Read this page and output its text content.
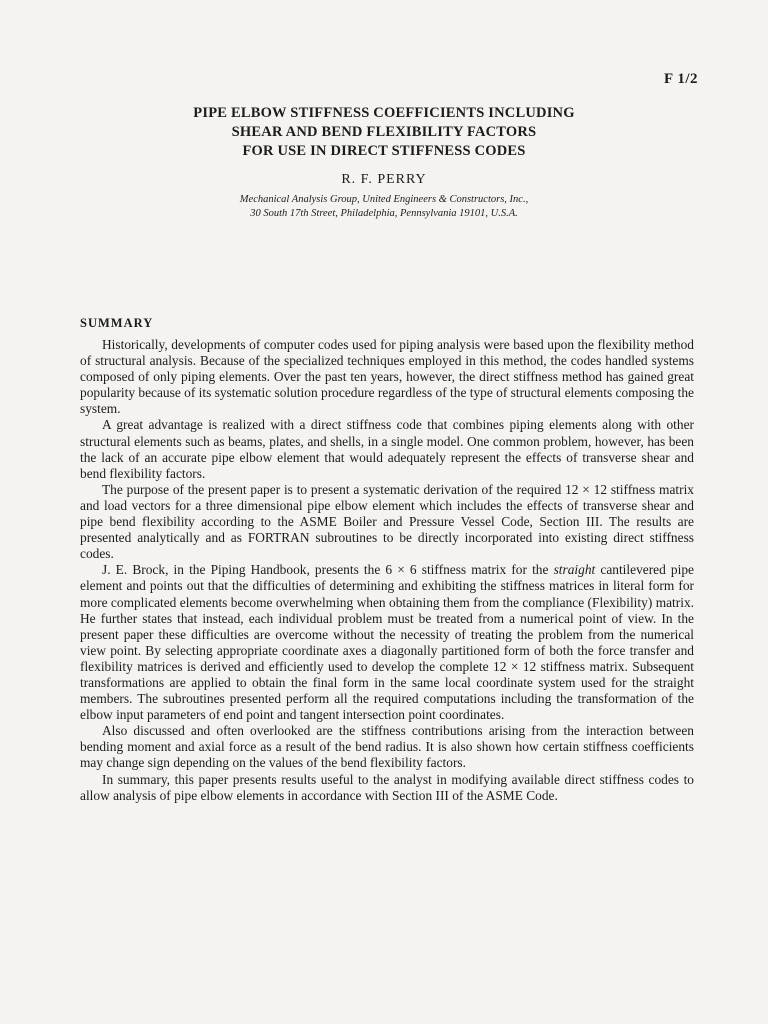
F 1/2
PIPE ELBOW STIFFNESS COEFFICIENTS INCLUDING
SHEAR AND BEND FLEXIBILITY FACTORS
FOR USE IN DIRECT STIFFNESS CODES
R. F. PERRY
Mechanical Analysis Group, United Engineers & Constructors, Inc.,
30 South 17th Street, Philadelphia, Pennsylvania 19101, U.S.A.
SUMMARY

Historically, developments of computer codes used for piping analysis were based upon the flexibility method of structural analysis. Because of the specialized techniques employed in this method, the codes handled systems composed of only piping elements. Over the past ten years, however, the direct stiffness method has gained great popularity because of its systematic solution procedure regardless of the type of structural elements composing the system.

A great advantage is realized with a direct stiffness code that combines piping elements along with other structural elements such as beams, plates, and shells, in a single model. One common problem, however, has been the lack of an accurate pipe elbow element that would adequately represent the effects of transverse shear and bend flexibility factors.

The purpose of the present paper is to present a systematic derivation of the required 12 × 12 stiffness matrix and load vectors for a three dimensional pipe elbow element which includes the effects of transverse shear and pipe bend flexibility according to the ASME Boiler and Pressure Vessel Code, Section III. The results are presented analytically and as FORTRAN subroutines to be directly incorporated into existing direct stiffness codes.

J. E. Brock, in the Piping Handbook, presents the 6 × 6 stiffness matrix for the straight cantilevered pipe element and points out that the difficulties of determining and exhibiting the stiffness matrices in literal form for more complicated elements become overwhelming when obtaining them from the compliance (Flexibility) matrix. He further states that instead, each individual problem must be treated from a numerical point of view. In the present paper these difficulties are overcome without the necessity of treating the problem from the numerical view point. By selecting appropriate coordinate axes a diagonally partitioned form of both the force transfer and flexibility matrices is derived and efficiently used to develop the complete 12 × 12 stiffness matrix. Subsequent transformations are applied to obtain the final form in the same local coordinate system used for the straight members. The subroutines presented perform all the required computations including the transformation of the elbow input parameters of end point and tangent intersection point coordinates.

Also discussed and often overlooked are the stiffness contributions arising from the interaction between bending moment and axial force as a result of the bend radius. It is also shown how certain stiffness coefficients may change sign depending on the values of the bend flexibility factors.

In summary, this paper presents results useful to the analyst in modifying available direct stiffness codes to allow analysis of pipe elbow elements in accordance with Section III of the ASME Code.
